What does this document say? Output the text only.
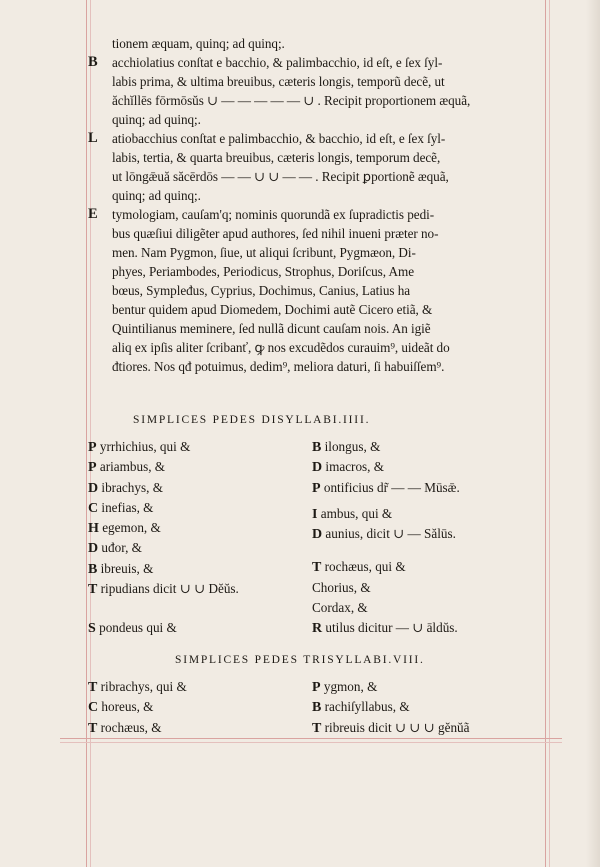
tionem æquam, quinq; ad quinq;.
B acchiolatius conſtat e bacchio, & palimbacchio, id eſt, e ſex ſyl-
labis prima, & ultima breuibus, cæteris longis, temporũ decẽ, ut
ăchĭllēs fōrmōsŭs ∪ — — — — — ∪ . Recipit proportionem æquã,
quinq; ad quinq;.
L atiobacchius conſtat e palimbacchio, & bacchio, id eſt, e ſex ſyl-
labis, tertia, & quarta breuibus, cæteris longis, temporum decẽ,
ut lōngǣuă săcērdōs — — ∪ ∪ — — . Recipit ꝑportionẽ æquã,
quinq; ad quinq;.
E tymologiam, cauſam'q; nominis quorundã ex ſupradictis pedi-
bus quæſiui diligẽter apud authores, ſed nihil inueni præter no-
men. Nam Pygmon, ſiue, ut aliqui ſcribunt, Pygmæon, Di-
phyes, Periambodes, Periodicus, Strophus, Doriſcus, Ame
bœus, Sympleđus, Cyprius, Dochimus, Canius, Latius ha
bentur quidem apud Diomedem, Dochimi autẽ Cicero etiã, &
Quintilianus meminere, ſed nullã dicunt cauſam nois. An igiẽ
aliq ex ipſis aliter ſcribanť, ꝙ nos excudẽdos curauim⁹, uideãt do
đtiores. Nos qđ potuimus, dedim⁹, meliora daturi, ſi habuiſſem⁹.
SIMPLICES PEDES DISYLLABI.IIII.
P yrrhichius, qui &
P ariambus, &
D ibrachys, &
C inefias, &
H egemon, &
D uđor, &
B ibreuis, &
T ripudians dicit ∪ ∪ Dĕŭs.
S pondeus qui &
B ilongus, &
D imacros, &
P ontificius dr̃ — — Mūsǣ.
I ambus, qui &
D aunius, dicit ∪ — Sălūs.
T rochæus, qui &
Chorius, &
Cordax, &
R utilus dicitur — ∪ āldŭs.
SIMPLICES PEDES TRISYLLABI.VIII.
T ribrachys, qui &
C horeus, &
T rochæus, &
P ygmon, &
B rachiſyllabus, &
T ribreuis dicit ∪ ∪ ∪ gĕnŭã
